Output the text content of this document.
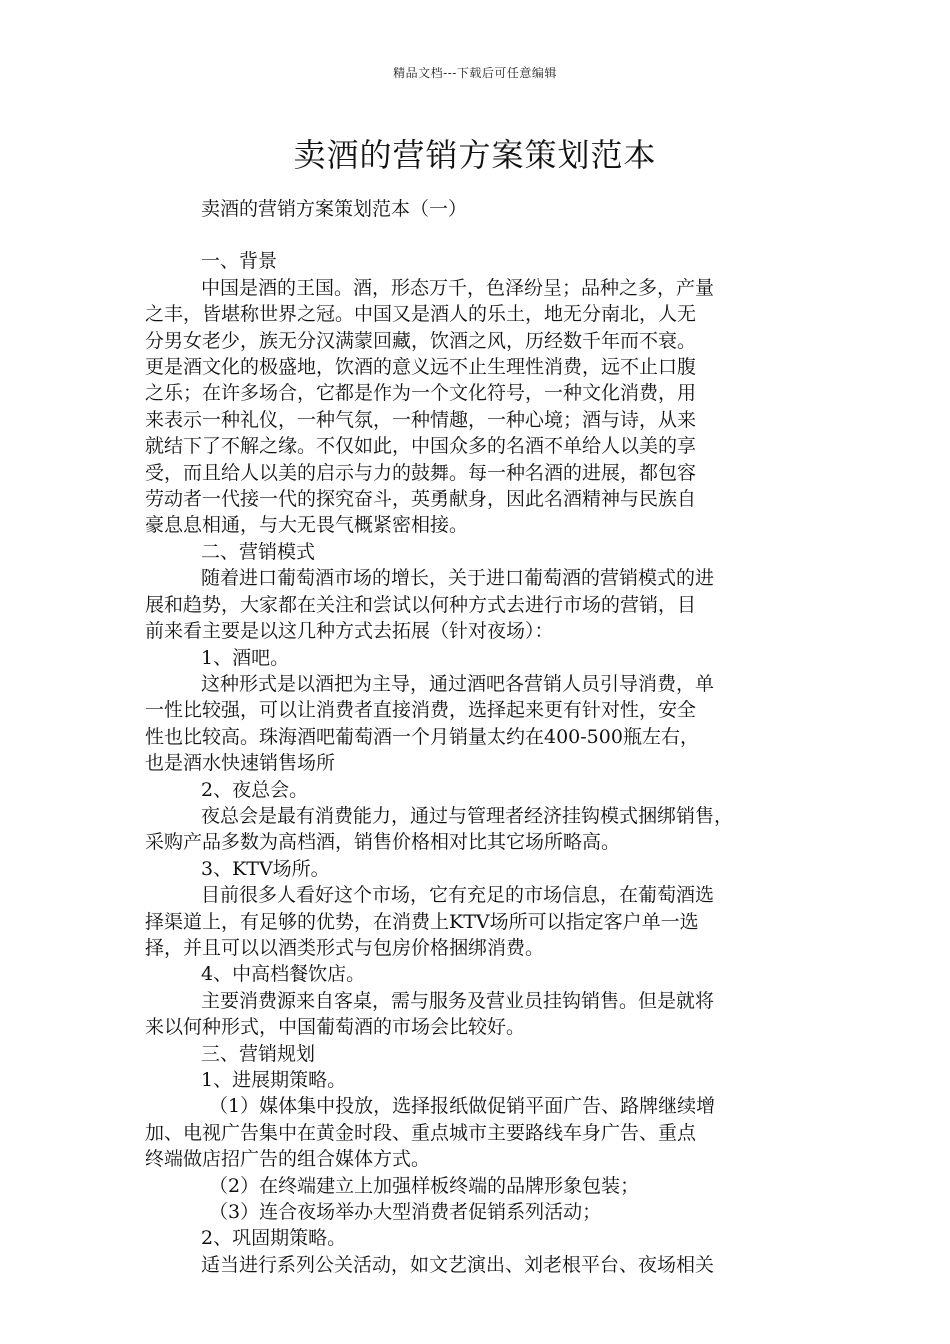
精品文档---下载后可任意编辑
卖酒的营销方案策划范本

卖酒的营销方案策划范本（一）

一、背景

中国是酒的王国。酒，形态万千，色泽纷呈；品种之多，产量

之丰，皆堪称世界之冠。中国又是酒人的乐土，地无分南北，人无

分男女老少，族无分汉满蒙回藏，饮酒之风，历经数千年而不衰。

更是酒文化的极盛地，饮酒的意义远不止生理性消费，远不止口腹

之乐；在许多场合，它都是作为一个文化符号，一种文化消费，用

来表示一种礼仪，一种气氛，一种情趣，一种心境；酒与诗，从来

就结下了不解之缘。不仅如此，中国众多的名酒不单给人以美的享

受，而且给人以美的启示与力的鼓舞。每一种名酒的进展，都包容

劳动者一代接一代的探究奋斗，英勇献身，因此名酒精神与民族自

豪息息相通，与大无畏气概紧密相接。

二、营销模式

随着进口葡萄酒市场的增长，关于进口葡萄酒的营销模式的进

展和趋势，大家都在关注和尝试以何种方式去进行市场的营销，目

前来看主要是以这几种方式去拓展（针对夜场）：

1、酒吧。

这种形式是以酒把为主导，通过酒吧各营销人员引导消费，单

一性比较强，可以让消费者直接消费，选择起来更有针对性，安全

性也比较高。珠海酒吧葡萄酒一个月销量太约在400-500瓶左右，

也是酒水快速销售场所

2、夜总会。

夜总会是最有消费能力，通过与管理者经济挂钩模式捆绑销售，

采购产品多数为高档酒，销售价格相对比其它场所略高。

3、KTV场所。

目前很多人看好这个市场，它有充足的市场信息，在葡萄酒选

择渠道上，有足够的优势，在消费上KTV场所可以指定客户单一选

择，并且可以以酒类形式与包房价格捆绑消费。

4、中高档餐饮店。

主要消费源来自客桌，需与服务及营业员挂钩销售。但是就将

来以何种形式，中国葡萄酒的市场会比较好。

三、营销规划

1、进展期策略。

（1）媒体集中投放，选择报纸做促销平面广告、路牌继续增

加、电视广告集中在黄金时段、重点城市主要路线车身广告、重点

终端做店招广告的组合媒体方式。

（2）在终端建立上加强样板终端的品牌形象包装；

（3）连合夜场举办大型消费者促销系列活动；

2、巩固期策略。

适当进行系列公关活动，如文艺演出、刘老根平台、夜场相关
